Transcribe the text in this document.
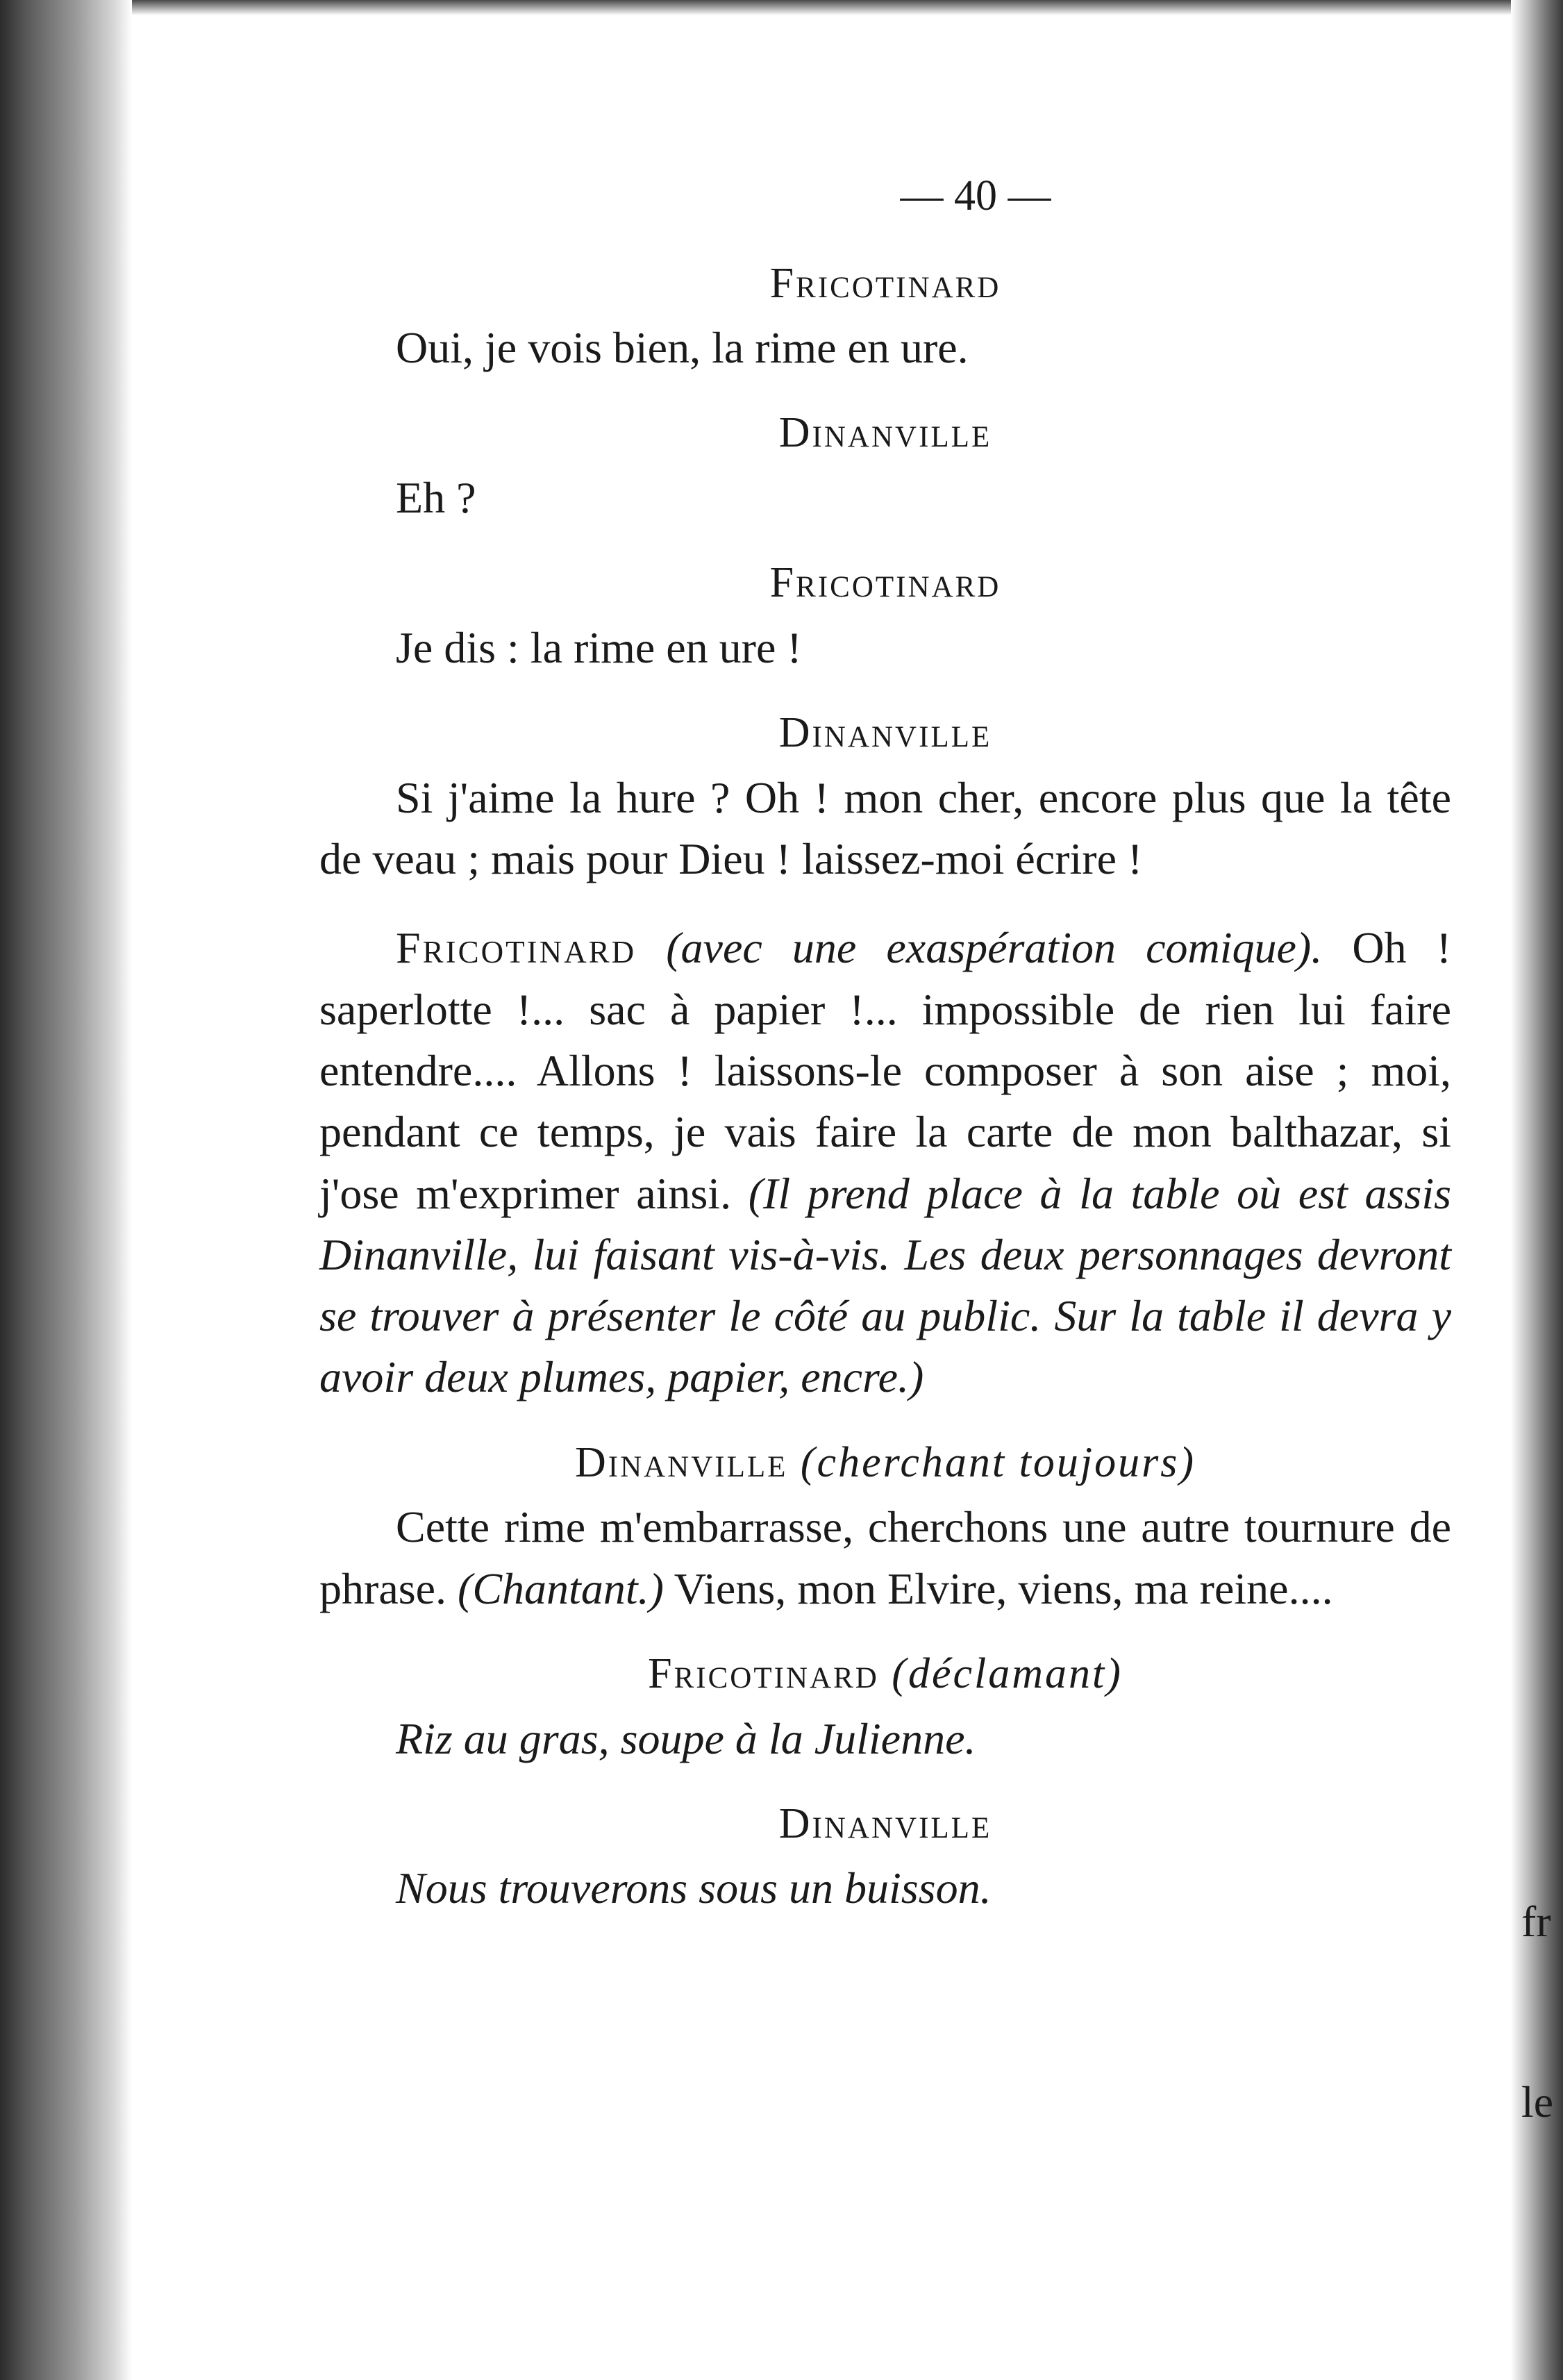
— 40 —
Fricotinard

Oui, je vois bien, la rime en ure.

Dinanville

Eh ?

Fricotinard

Je dis : la rime en ure !

Dinanville

Si j'aime la hure ? Oh ! mon cher, encore plus que la tête de veau ; mais pour Dieu ! laissez-moi écrire !

Fricotinard (avec une exaspération comique). Oh ! saperlotte !... sac à papier !... impossible de rien lui faire entendre.... Allons ! laissons-le composer à son aise ; moi, pendant ce temps, je vais faire la carte de mon balthazar, si j'ose m'exprimer ainsi. (Il prend place à la table où est assis Dinanville, lui faisant vis-à-vis. Les deux personnages devront se trouver à présenter le côté au public. Sur la table il devra y avoir deux plumes, papier, encre.)

Dinanville (cherchant toujours)

Cette rime m'embarrasse, cherchons une autre tournure de phrase. (Chantant.) Viens, mon Elvire, viens, ma reine....

Fricotinard (déclamant)

Riz au gras, soupe à la Julienne.

Dinanville

Nous trouverons sous un buisson.

fr
le
